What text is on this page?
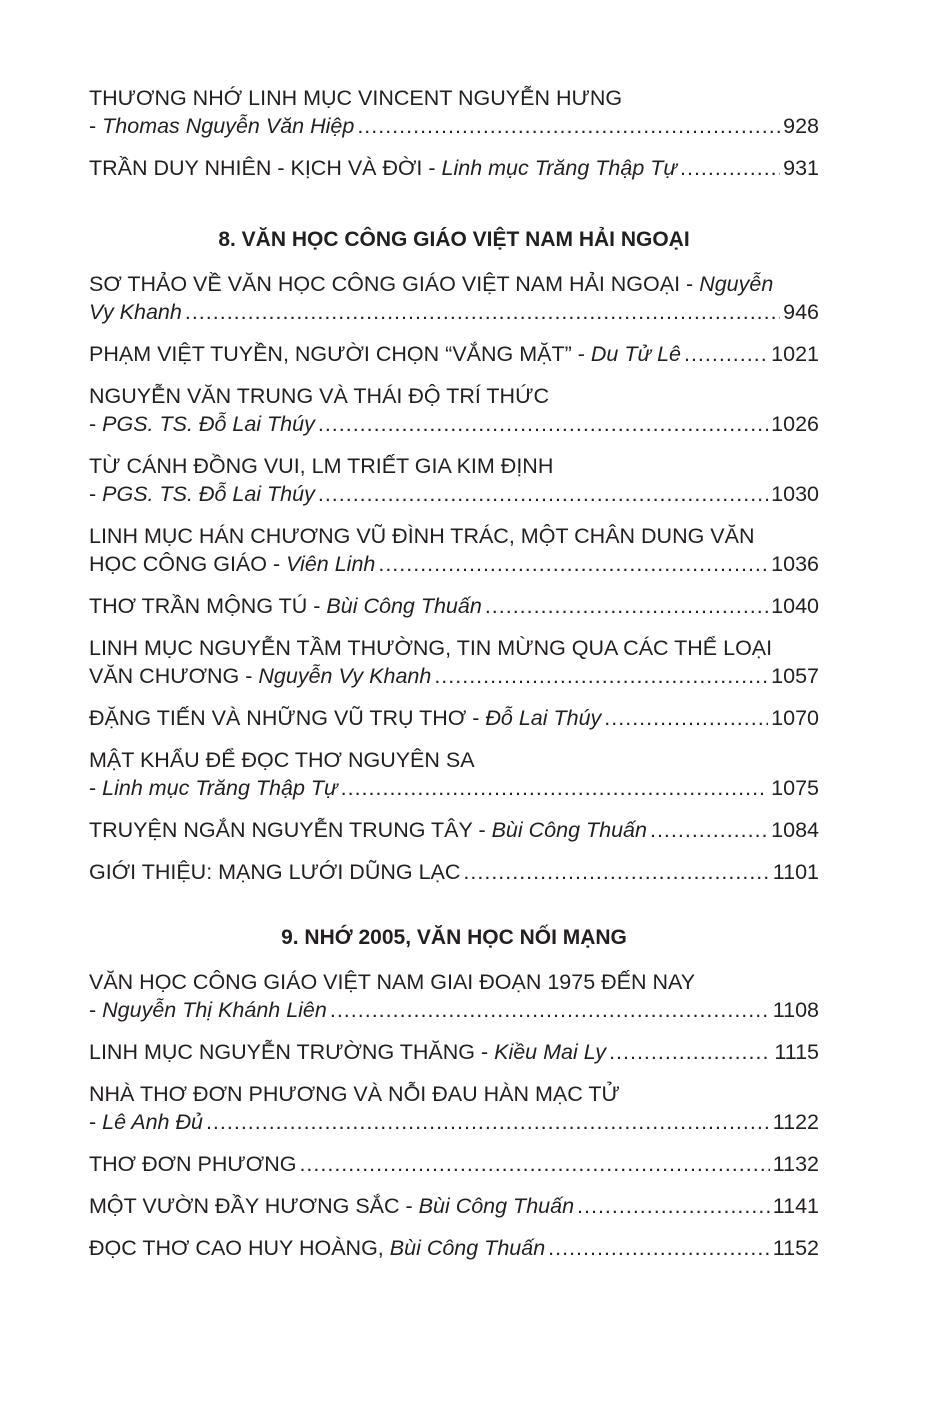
THƯƠNG NHỚ LINH MỤC VINCENT NGUYỄN HƯNG
- Thomas Nguyễn Văn Hiệp .....	928
TRẦN DUY NHIÊN - KỊCH VÀ ĐỜI - Linh mục Trăng Thập Tự .....	931
8. VĂN HỌC CÔNG GIÁO VIỆT NAM HẢI NGOẠI
SƠ THẢO VỀ VĂN HỌC CÔNG GIÁO VIỆT NAM HẢI NGOẠI - Nguyễn
Vy Khanh .....	946
PHẠM VIỆT TUYỀN, NGƯỜI CHỌN “VẮNG MẶT” - Du Tử Lê .....	1021
NGUYỄN VĂN TRUNG VÀ THÁI ĐỘ TRÍ THỨC
- PGS. TS. Đỗ Lai Thúy .....	1026
TỪ CÁNH ĐỒNG VUI, LM TRIẾT GIA KIM ĐỊNH
- PGS. TS. Đỗ Lai Thúy .....	1030
LINH MỤC HÁN CHƯƠNG VŨ ĐÌNH TRÁC, MỘT CHÂN DUNG VĂN
HỌC CÔNG GIÁO - Viên Linh .....	1036
THƠ TRẦN MỘNG TÚ - Bùi Công Thuấn .....	1040
LINH MỤC NGUYỄN TẦM THƯỜNG, TIN MỪNG QUA CÁC THỂ LOẠI
VĂN CHƯƠNG - Nguyễn Vy Khanh .....	1057
ĐẶNG TIẾN VÀ NHỮNG VŨ TRỤ THƠ - Đỗ Lai Thúy .....	1070
MẬT KHẨU ĐỂ ĐỌC THƠ NGUYÊN SA
- Linh mục Trăng Thập Tự .....	1075
TRUYỆN NGẮN NGUYỄN TRUNG TÂY - Bùi Công Thuấn .....	1084
GIỚI THIỆU: MẠNG LƯỚI DŨNG LẠC .....	1101
9. NHỚ 2005, VĂN HỌC NỐI MẠNG
VĂN HỌC CÔNG GIÁO VIỆT NAM GIAI ĐOẠN 1975 ĐẾN NAY
- Nguyễn Thị Khánh Liên .....	1108
LINH MỤC NGUYỄN TRƯỜNG THĂNG - Kiều Mai Ly .....	1115
NHÀ THƠ ĐƠN PHƯƠNG VÀ NỖI ĐAU HÀN MẠC TỬ
- Lê Anh Đủ .....	1122
THƠ ĐƠN PHƯƠNG .....	1132
MỘT VƯỜN ĐẦY HƯƠNG SẮC - Bùi Công Thuấn .....	1141
ĐỌC THƠ CAO HUY HOÀNG, Bùi Công Thuấn .....	1152
